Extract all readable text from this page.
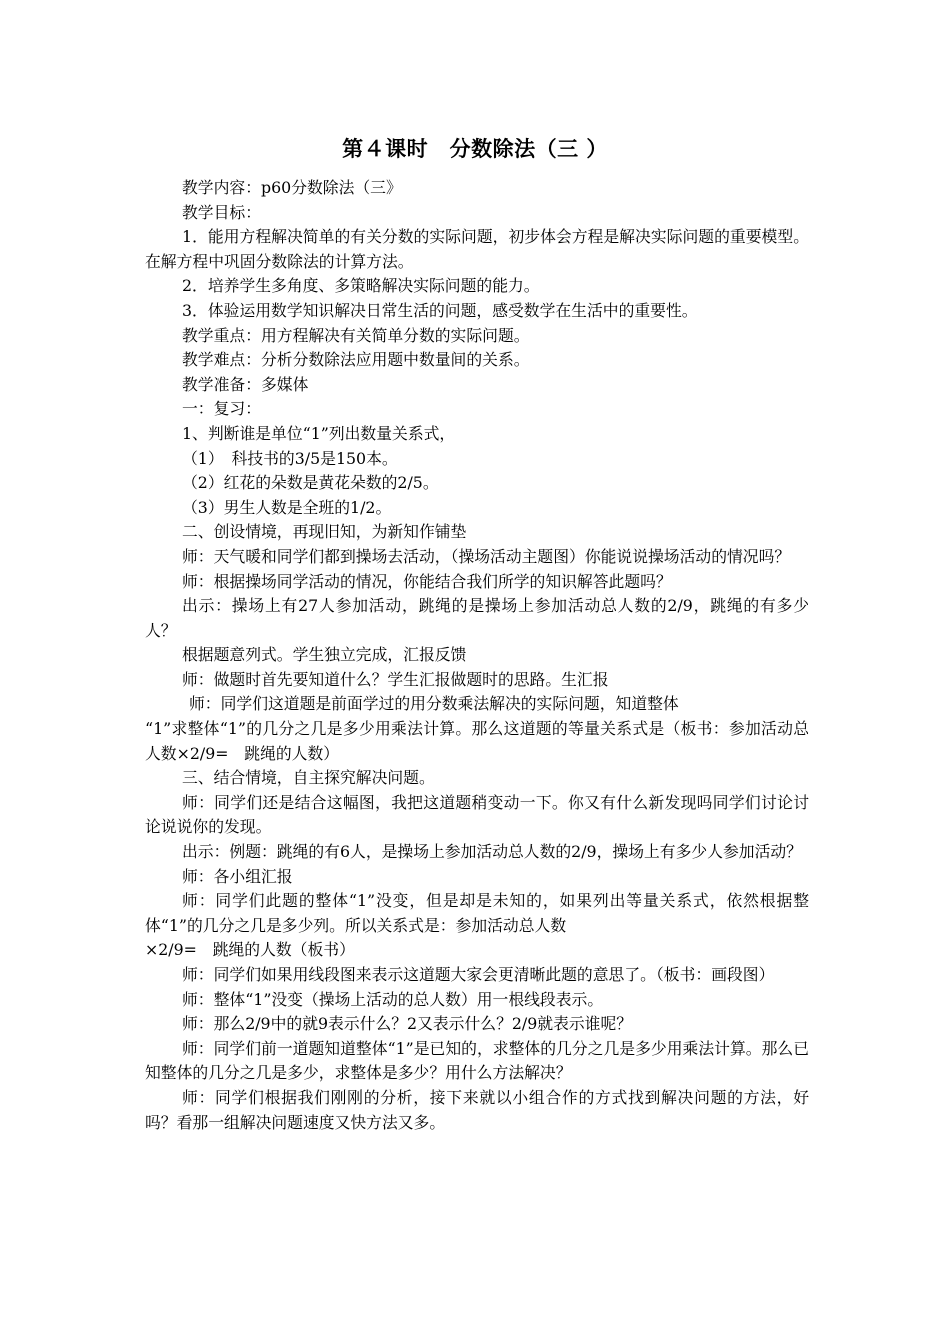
第４课时　分数除法（三 ）

教学内容：p60分数除法（三》

教学目标：

1．能用方程解决简单的有关分数的实际问题，初步体会方程是解决实际问题的重要模型。在解方程中巩固分数除法的计算方法。

2．培养学生多角度、多策略解决实际问题的能力。

3．体验运用数学知识解决日常生活的问题，感受数学在生活中的重要性。

教学重点：用方程解决有关简单分数的实际问题。

教学难点：分析分数除法应用题中数量间的关系。

教学准备：多媒体

一：复习：

1、判断谁是单位“1”列出数量关系式，

（1）　科技书的3/5是150本。

（2）红花的朵数是黄花朵数的2/5。

（3）男生人数是全班的1/2。

二、创设情境，再现旧知，为新知作铺垫

师：天气暖和同学们都到操场去活动，（操场活动主题图）你能说说操场活动的情况吗？

师：根据操场同学活动的情况，你能结合我们所学的知识解答此题吗？

出示：操场上有27人参加活动，跳绳的是操场上参加活动总人数的2/9，跳绳的有多少人？

根据题意列式。学生独立完成，汇报反馈

师：做题时首先要知道什么？学生汇报做题时的思路。生汇报

师：同学们这道题是前面学过的用分数乘法解决的实际问题，知道整体

“1”求整体“1”的几分之几是多少用乘法计算。那么这道题的等量关系式是（板书：参加活动总人数×2/9=　跳绳的人数）

三、结合情境，自主探究解决问题。

师：同学们还是结合这幅图，我把这道题稍变动一下。你又有什么新发现吗同学们讨论讨论说说你的发现。

出示：例题：跳绳的有6人，是操场上参加活动总人数的2/9，操场上有多少人参加活动？

师：各小组汇报

师：同学们此题的整体“1”没变，但是却是未知的，如果列出等量关系式，依然根据整体“1”的几分之几是多少列。所以关系式是：参加活动总人数

×2/9=　跳绳的人数（板书）

师：同学们如果用线段图来表示这道题大家会更清晰此题的意思了。（板书：画段图）

师：整体“1”没变（操场上活动的总人数）用一根线段表示。

师：那么2/9中的就9表示什么？2又表示什么？2/9就表示谁呢？

师：同学们前一道题知道整体“1”是已知的，求整体的几分之几是多少用乘法计算。那么已知整体的几分之几是多少，求整体是多少？用什么方法解决？

师：同学们根据我们刚刚的分析，接下来就以小组合作的方式找到解决问题的方法，好吗？看那一组解决问题速度又快方法又多。
